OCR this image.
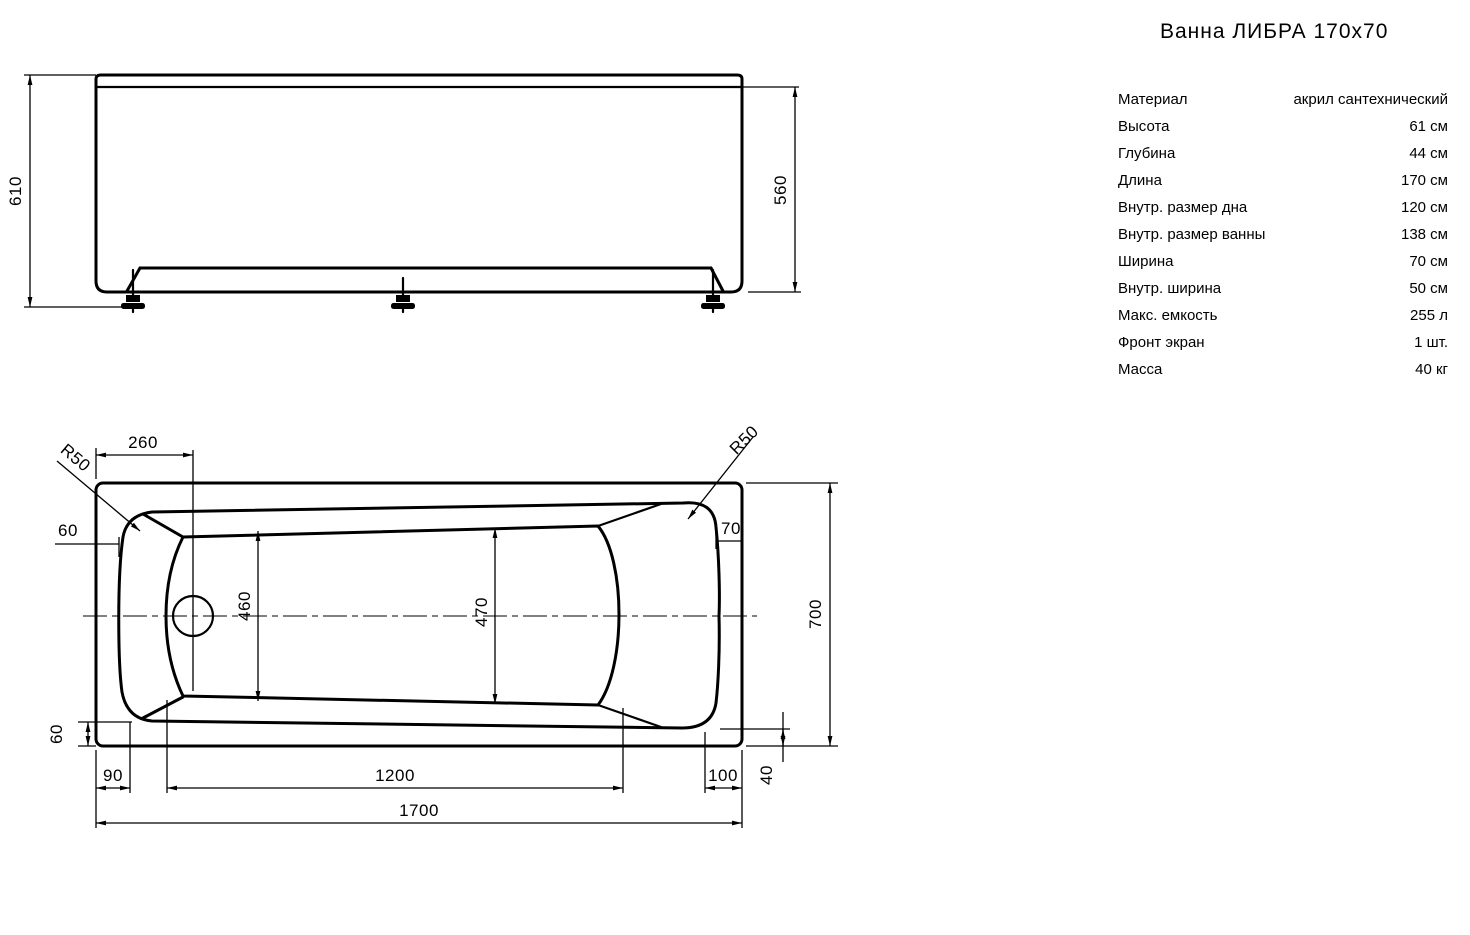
610	560
260
R50	R50
60
460	470
70
700
60
90	1200	100 40
1700
Ванна ЛИБРА 170x70
Материал	акрил сантехнический
Высота	61 см
Глубина	44 см
Длина	170 см
Внутр. размер дна	120 см
Внутр. размер ванны	138 см
Ширина	70 см
Внутр. ширина	50 см
Макс. емкость	255 л
Фронт экран	1 шт.
Масса	40 кг
